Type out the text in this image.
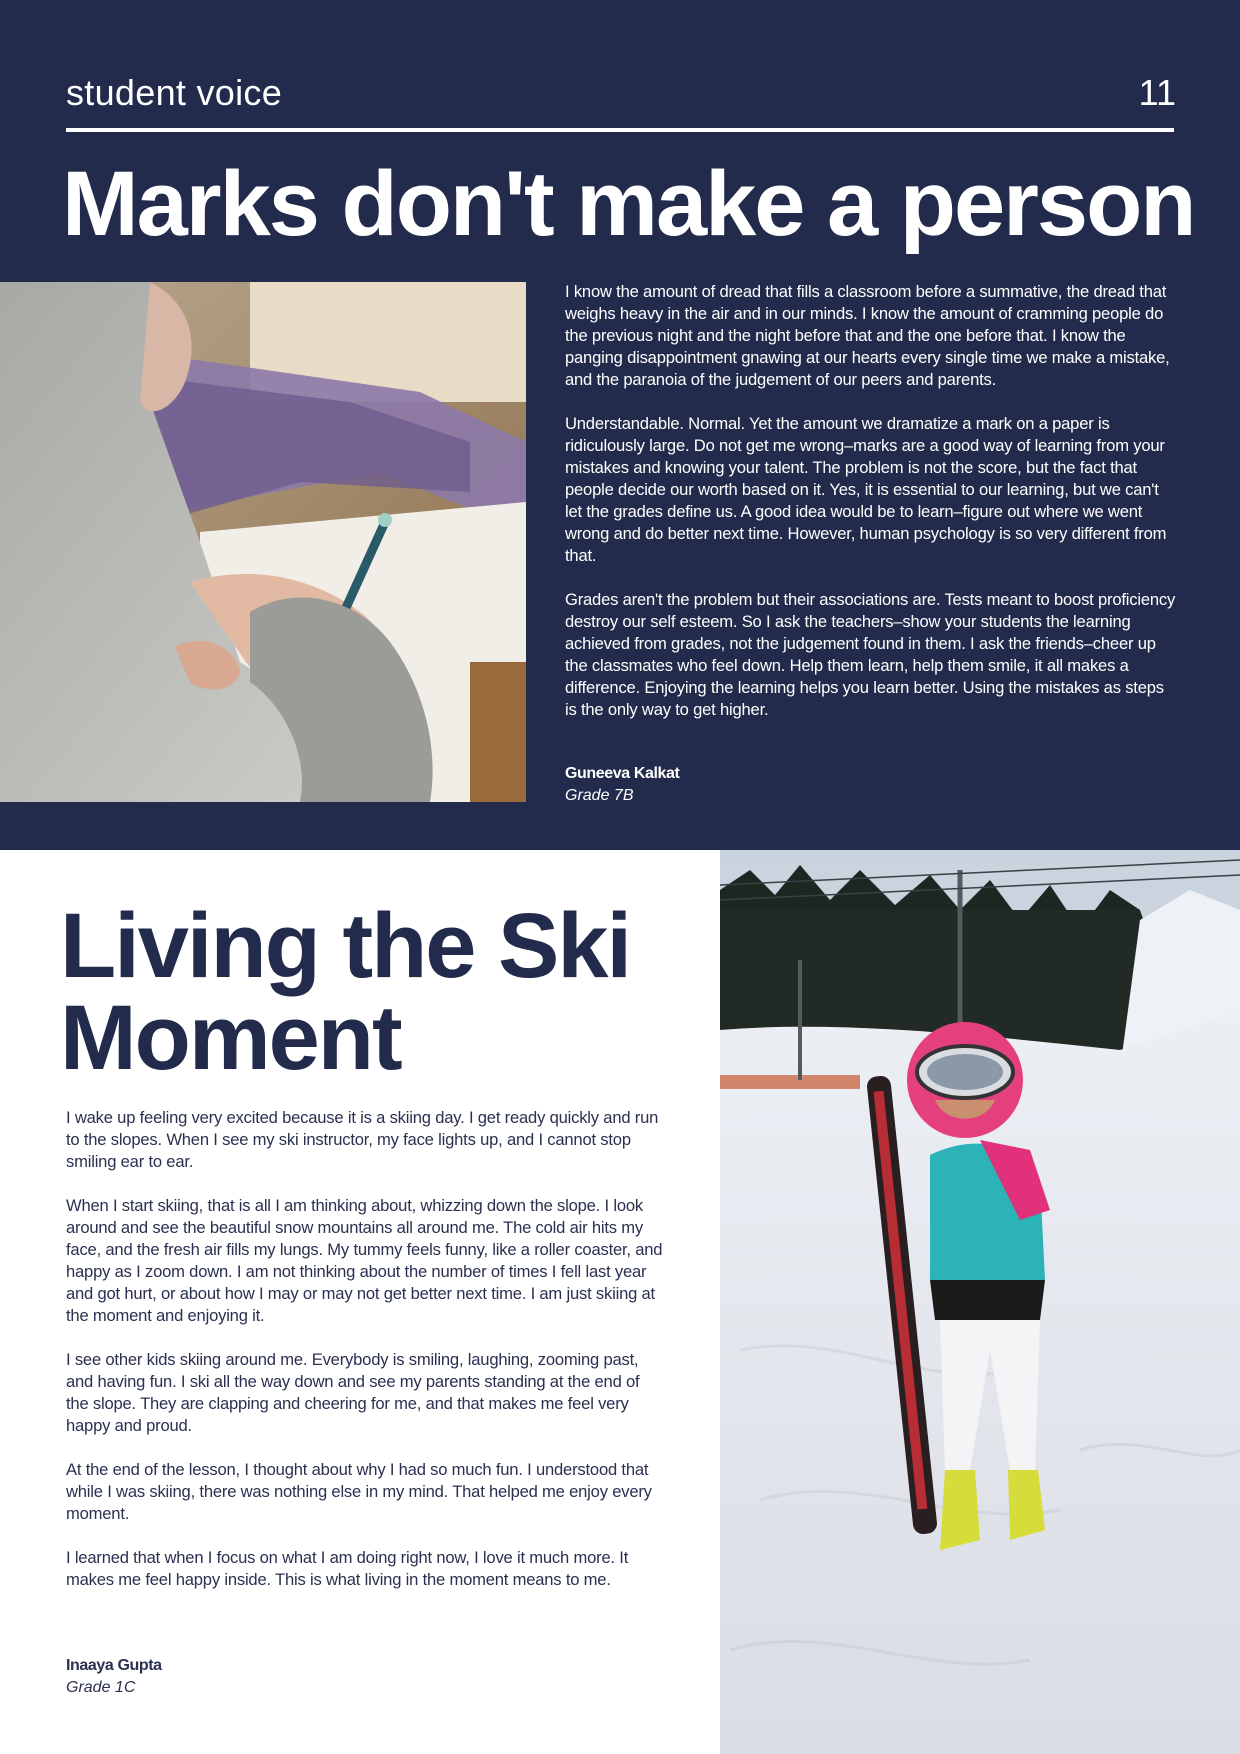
student voice	11
Marks don't make a person

I know the amount of dread that fills a classroom before a summative, the dread that weighs heavy in the air and in our minds. I know the amount of cramming people do the previous night and the night before that and the one before that. I know the panging disappointment gnawing at our hearts every single time we make a mistake, and the paranoia of the judgement of our peers and parents.

Understandable. Normal. Yet the amount we dramatize a mark on a paper is ridiculously large. Do not get me wrong–marks are a good way of learning from your mistakes and knowing your talent. The problem is not the score, but the fact that people decide our worth based on it. Yes, it is essential to our learning, but we can't let the grades define us. A good idea would be to learn–figure out where we went wrong and do better next time. However, human psychology is so very different from that.

Grades aren't the problem but their associations are. Tests meant to boost proficiency destroy our self esteem. So I ask the teachers–show your students the learning achieved from grades, not the judgement found in them. I ask the friends–cheer up the classmates who feel down. Help them learn, help them smile, it all makes a difference. Enjoying the learning helps you learn better. Using the mistakes as steps is the only way to get higher.

Guneeva Kalkat
Grade 7B
Living the Ski Moment

I wake up feeling very excited because it is a skiing day. I get ready quickly and run to the slopes. When I see my ski instructor, my face lights up, and I cannot stop smiling ear to ear.

When I start skiing, that is all I am thinking about, whizzing down the slope. I look around and see the beautiful snow mountains all around me. The cold air hits my face, and the fresh air fills my lungs. My tummy feels funny, like a roller coaster, and happy as I zoom down. I am not thinking about the number of times I fell last year and got hurt, or about how I may or may not get better next time. I am just skiing at the moment and enjoying it.

I see other kids skiing around me. Everybody is smiling, laughing, zooming past, and having fun. I ski all the way down and see my parents standing at the end of the slope. They are clapping and cheering for me, and that makes me feel very happy and proud.

At the end of the lesson, I thought about why I had so much fun. I understood that while I was skiing, there was nothing else in my mind. That helped me enjoy every moment.

I learned that when I focus on what I am doing right now, I love it much more. It makes me feel happy inside. This is what living in the moment means to me.

Inaaya Gupta
Grade 1C
